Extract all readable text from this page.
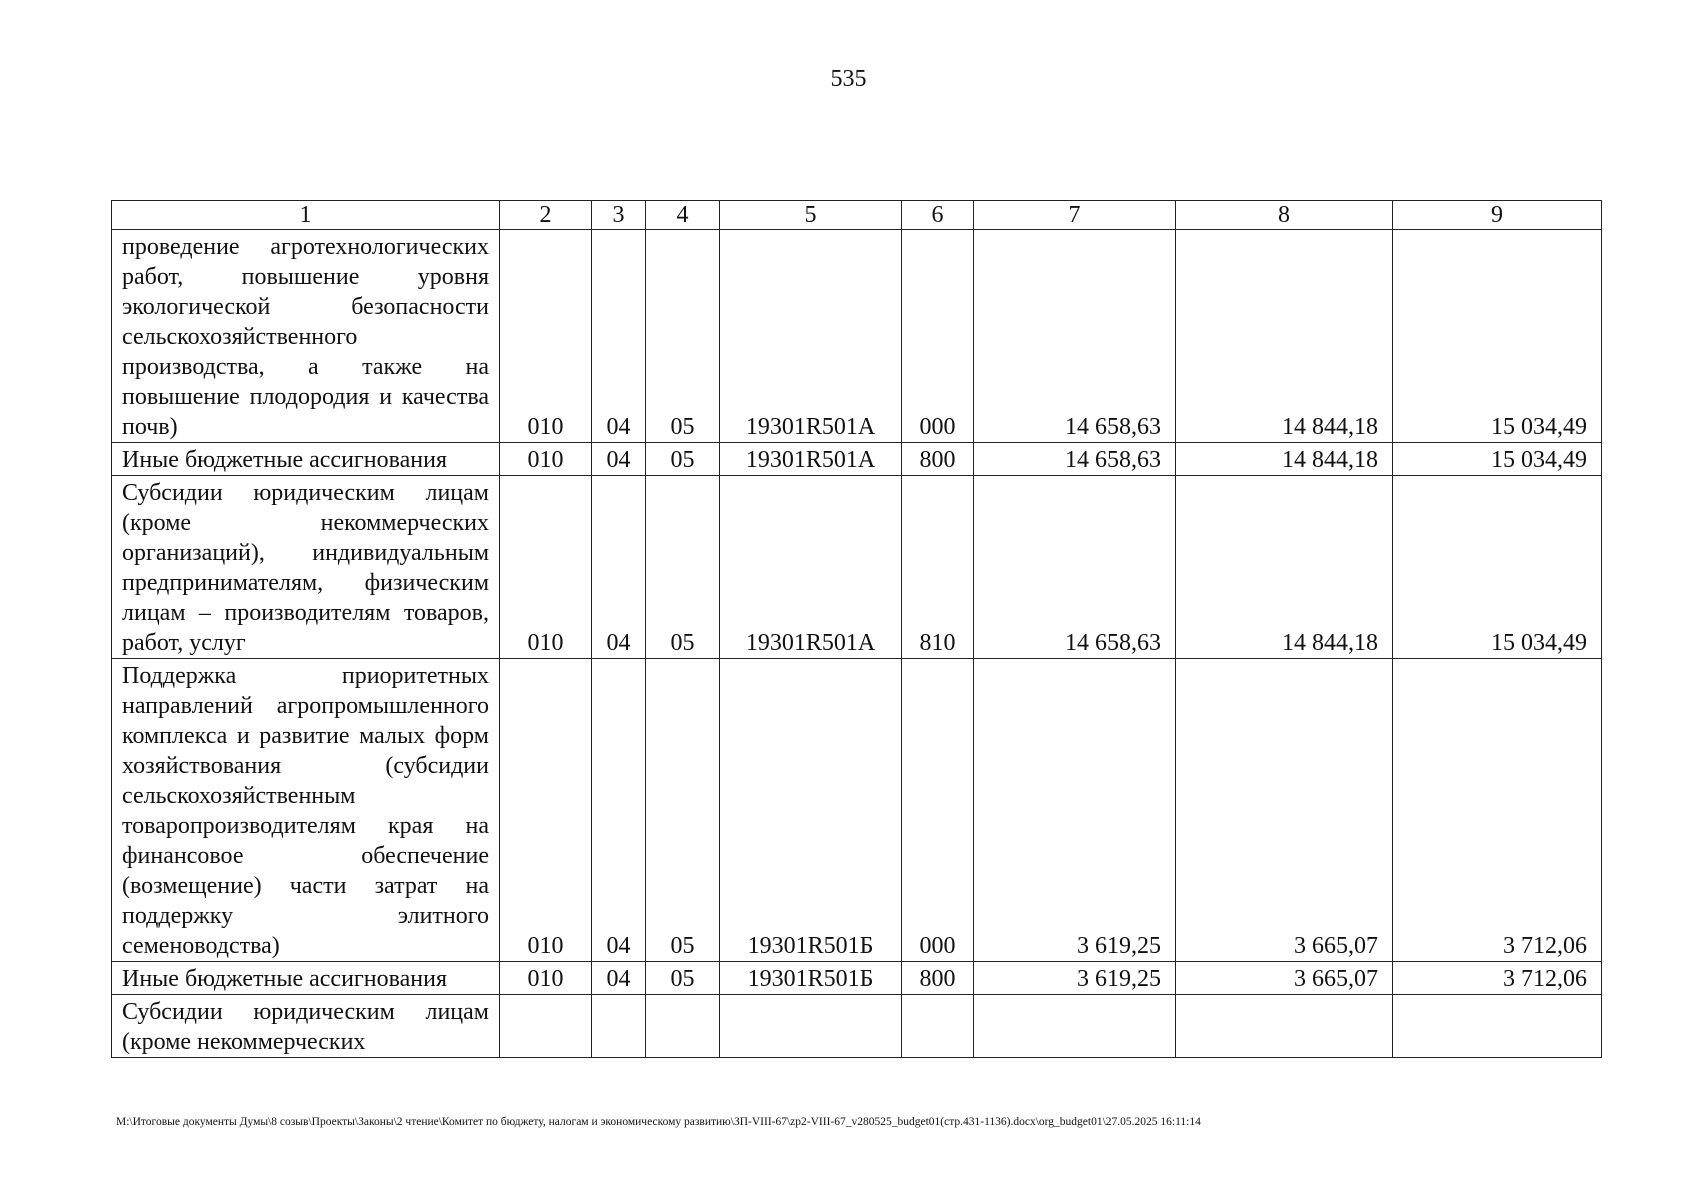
535
1	2	3	4	5	6	7	8	9
проведение агротехнологических работ, повышение уровня экологической безопасности сельскохозяйственного производства, а также на повышение плодородия и качества почв)	010	04	05	19301R501А	000	14 658,63	14 844,18	15 034,49
Иные бюджетные ассигнования	010	04	05	19301R501А	800	14 658,63	14 844,18	15 034,49
Субсидии юридическим лицам (кроме некоммерческих организаций), индивидуальным предпринимателям, физическим лицам – производителям товаров, работ, услуг	010	04	05	19301R501А	810	14 658,63	14 844,18	15 034,49
Поддержка приоритетных направлений агропромышленного комплекса и развитие малых форм хозяйствования (субсидии сельскохозяйственным товаропроизводителям края на финансовое обеспечение (возмещение) части затрат на поддержку элитного семеноводства)	010	04	05	19301R501Б	000	3 619,25	3 665,07	3 712,06
Иные бюджетные ассигнования	010	04	05	19301R501Б	800	3 619,25	3 665,07	3 712,06
Субсидии юридическим лицам (кроме некоммерческих								
M:\Итоговые документы Думы\8 созыв\Проекты\Законы\2 чтение\Комитет по бюджету, налогам и экономическому развитию\ЗП-VIII-67\zp2-VIII-67_v280525_budget01(стр.431-1136).docx\org_budget01\27.05.2025 16:11:14
